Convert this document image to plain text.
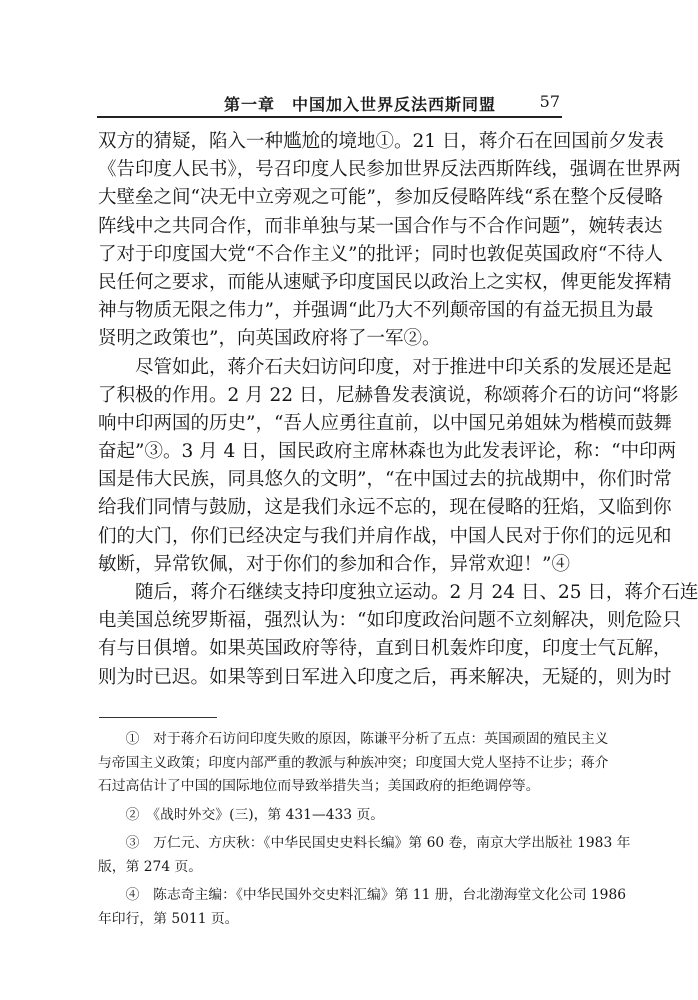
第一章　中国加入世界反法西斯同盟	57
双方的猜疑，陷入一种尴尬的境地①。21 日，蒋介石在回国前夕发表
《告印度人民书》，号召印度人民参加世界反法西斯阵线，强调在世界两
大壁垒之间“决无中立旁观之可能”，参加反侵略阵线“系在整个反侵略
阵线中之共同合作，而非单独与某一国合作与不合作问题”，婉转表达
了对于印度国大党“不合作主义”的批评；同时也敦促英国政府“不待人
民任何之要求，而能从速赋予印度国民以政治上之实权，俾更能发挥精
神与物质无限之伟力”，并强调“此乃大不列颠帝国的有益无损且为最
贤明之政策也”，向英国政府将了一军②。
　　尽管如此，蒋介石夫妇访问印度，对于推进中印关系的发展还是起
了积极的作用。2 月 22 日，尼赫鲁发表演说，称颂蒋介石的访问“将影
响中印两国的历史”，“吾人应勇往直前，以中国兄弟姐妹为楷模而鼓舞
奋起”③。3 月 4 日，国民政府主席林森也为此发表评论，称：“中印两
国是伟大民族，同具悠久的文明”，“在中国过去的抗战期中，你们时常
给我们同情与鼓励，这是我们永远不忘的，现在侵略的狂焰，又临到你
们的大门，你们已经决定与我们并肩作战，中国人民对于你们的远见和
敏断，异常钦佩，对于你们的参加和合作，异常欢迎！”④
　　随后，蒋介石继续支持印度独立运动。2 月 24 日、25 日，蒋介石连
电美国总统罗斯福，强烈认为：“如印度政治问题不立刻解决，则危险只
有与日俱增。如果英国政府等待，直到日机轰炸印度，印度士气瓦解，
则为时已迟。如果等到日军进入印度之后，再来解决，无疑的，则为时
　　①　对于蒋介石访问印度失败的原因，陈谦平分析了五点：英国顽固的殖民主义
与帝国主义政策；印度内部严重的教派与种族冲突；印度国大党人坚持不让步；蒋介
石过高估计了中国的国际地位而导致举措失当；美国政府的拒绝调停等。
　　②　《战时外交》(三)，第 431—433 页。
　　③　万仁元、方庆秋：《中华民国史史料长编》第 60 卷，南京大学出版社 1983 年
版，第 274 页。
　　④　陈志奇主编：《中华民国外交史料汇编》第 11 册，台北渤海堂文化公司 1986
年印行，第 5011 页。
